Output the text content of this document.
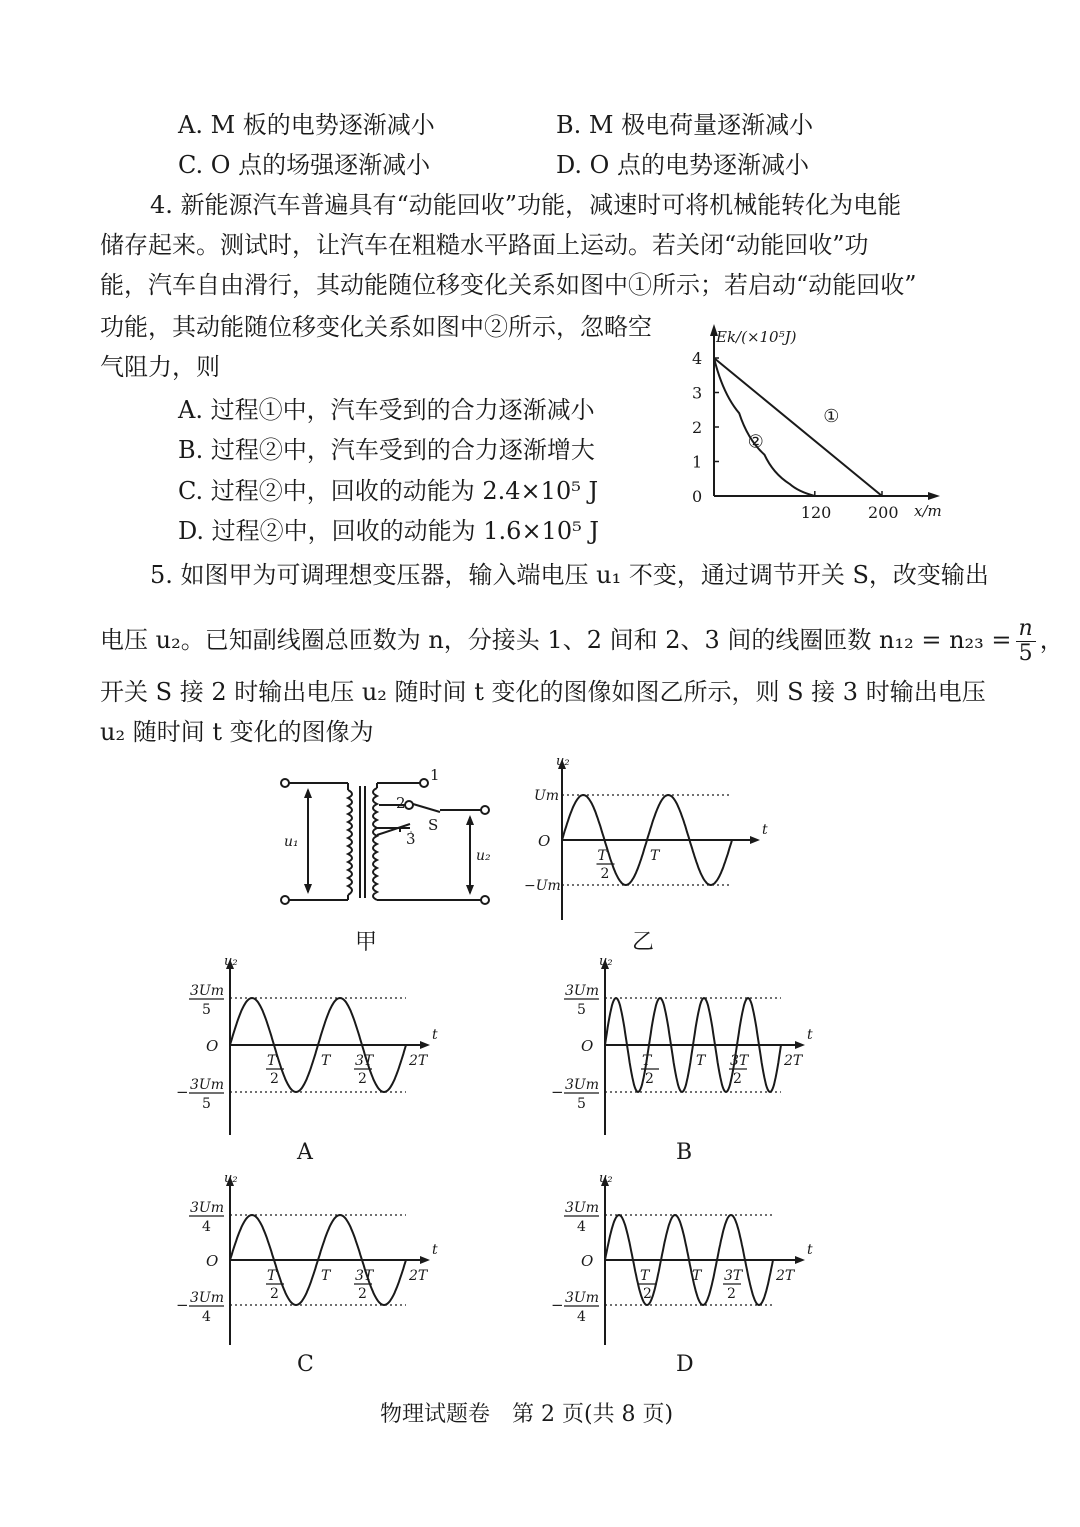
A. M 板的电势逐渐减小	B. M 极电荷量逐渐减小
C. O 点的场强逐渐减小	D. O 点的电势逐渐减小
4. 新能源汽车普遍具有“动能回收”功能，减速时可将机械能转化为电能
储存起来。测试时，让汽车在粗糙水平路面上运动。若关闭“动能回收”功
能，汽车自由滑行，其动能随位移变化关系如图中①所示；若启动“动能回收”
功能，其动能随位移变化关系如图中②所示，忽略空
气阻力，则
A. 过程①中，汽车受到的合力逐渐减小
B. 过程②中，汽车受到的合力逐渐增大
C. 过程②中，回收的动能为 2.4×10⁵ J
D. 过程②中，回收的动能为 1.6×10⁵ J
0
1
2
3
4
120 200 x/m
Ek/(×10⁵J)
①
②
5. 如图甲为可调理想变压器，输入端电压 u₁ 不变，通过调节开关 S，改变输出
电压 u₂。已知副线圈总匝数为 n，分接头 1、2 间和 2、3 间的线圈匝数 $n_{12} = n_{23} = \frac{n}{5}$ ，
开关 S 接 2 时输出电压 u₂ 随时间 t 变化的图像如图乙所示，则 S 接 3 时输出电压
u₂ 随时间 t 变化的图像为
1
2
3
S
u₁
u₂
甲
u₂
t
O
Um
−Um
T
2
T
乙
u₂
t
O
3Um
5
− 3Um
5
T
2
T 3T
2
2T
A
u₂
t
O
3Um
5
− 3Um
5
T
2
T 3T
2
2T
B
u₂
t
O
3Um
4
− 3Um
4
T
2
T 3T
2
2T
C
u₂
t
O
3Um
4
− 3Um
4
T
2
T 3T
2
2T
D
物理试题卷　第 2 页(共 8 页)
